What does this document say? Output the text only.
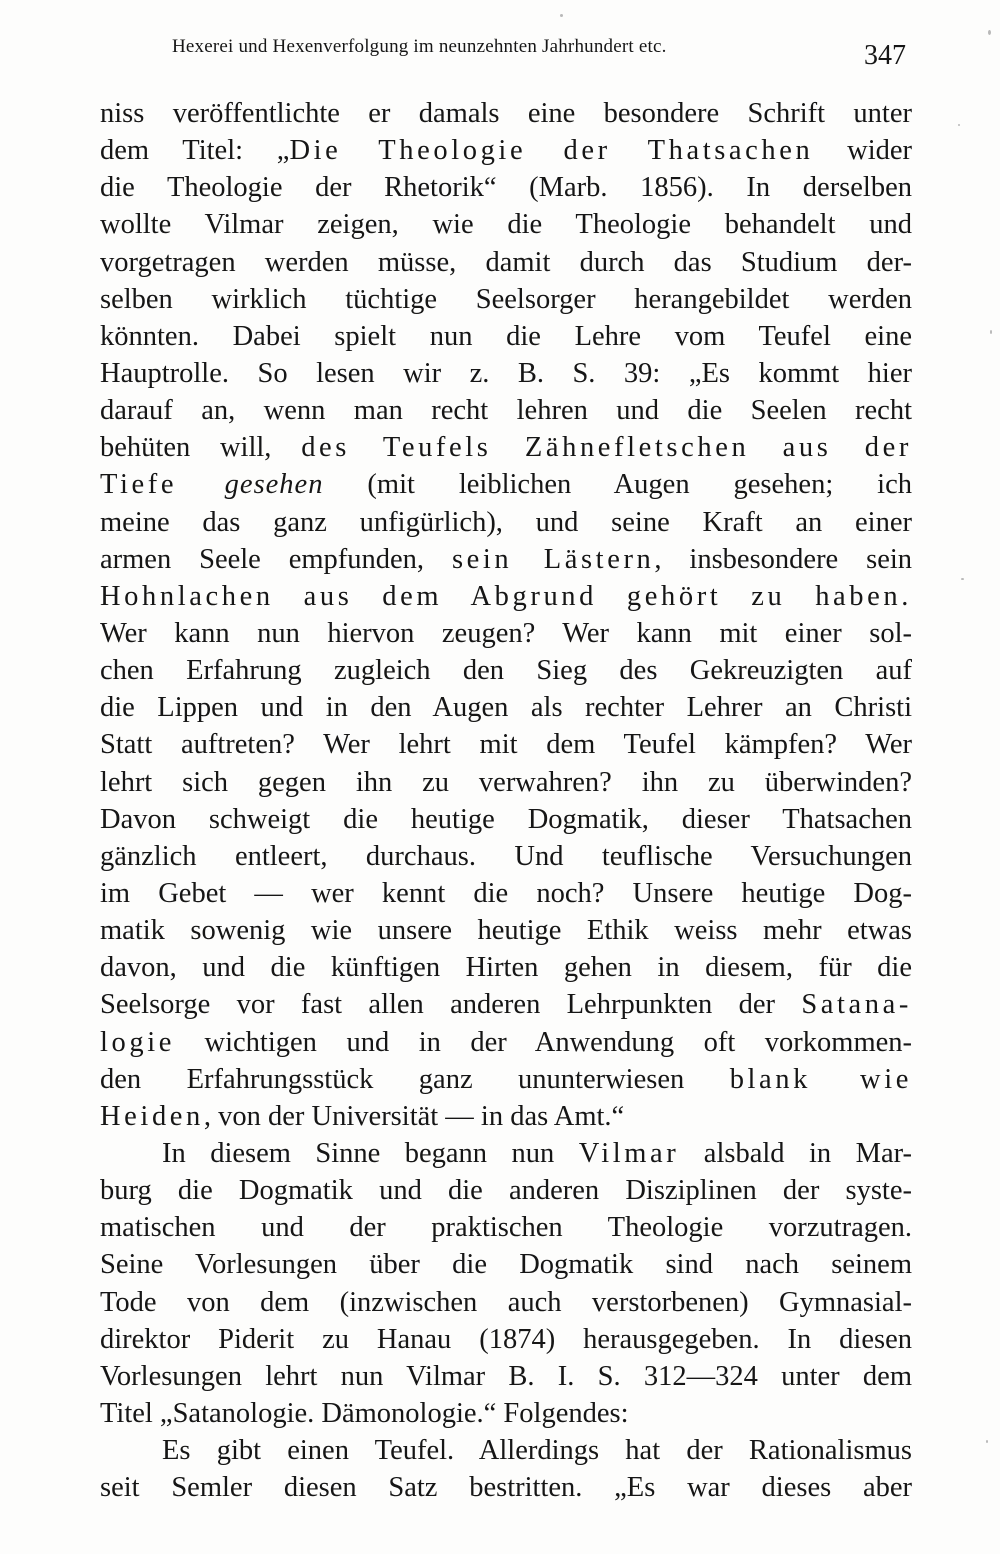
Hexerei und Hexenverfolgung im neunzehnten Jahrhundert etc.	347
niss veröffentlichte er damals eine besondere Schrift unter
dem Titel: „Die Theologie der Thatsachen wider
die Theologie der Rhetorik“ (Marb. 1856). In derselben
wollte Vilmar zeigen, wie die Theologie behandelt und
vorgetragen werden müsse, damit durch das Studium der-
selben wirklich tüchtige Seelsorger herangebildet werden
könnten. Dabei spielt nun die Lehre vom Teufel eine
Hauptrolle. So lesen wir z. B. S. 39: „Es kommt hier
darauf an, wenn man recht lehren und die Seelen recht
behüten will, des Teufels Zähnefletschen aus der
Tiefe gesehen (mit leiblichen Augen gesehen; ich
meine das ganz unfigürlich), und seine Kraft an einer
armen Seele empfunden, sein Lästern, insbesondere sein
Hohnlachen aus dem Abgrund gehört zu haben.
Wer kann nun hiervon zeugen? Wer kann mit einer sol-
chen Erfahrung zugleich den Sieg des Gekreuzigten auf
die Lippen und in den Augen als rechter Lehrer an Christi
Statt auftreten? Wer lehrt mit dem Teufel kämpfen? Wer
lehrt sich gegen ihn zu verwahren? ihn zu überwinden?
Davon schweigt die heutige Dogmatik, dieser Thatsachen
gänzlich entleert, durchaus. Und teuflische Versuchungen
im Gebet — wer kennt die noch? Unsere heutige Dog-
matik sowenig wie unsere heutige Ethik weiss mehr etwas
davon, und die künftigen Hirten gehen in diesem, für die
Seelsorge vor fast allen anderen Lehrpunkten der Satana-
logie wichtigen und in der Anwendung oft vorkommen-
den Erfahrungsstück ganz ununterwiesen blank wie
Heiden, von der Universität — in das Amt.“
In diesem Sinne begann nun Vilmar alsbald in Mar-
burg die Dogmatik und die anderen Disziplinen der syste-
matischen und der praktischen Theologie vorzutragen.
Seine Vorlesungen über die Dogmatik sind nach seinem
Tode von dem (inzwischen auch verstorbenen) Gymnasial-
direktor Piderit zu Hanau (1874) herausgegeben. In diesen
Vorlesungen lehrt nun Vilmar B. I. S. 312—324 unter dem
Titel „Satanologie. Dämonologie.“ Folgendes:
Es gibt einen Teufel. Allerdings hat der Rationalismus
seit Semler diesen Satz bestritten. „Es war dieses aber
